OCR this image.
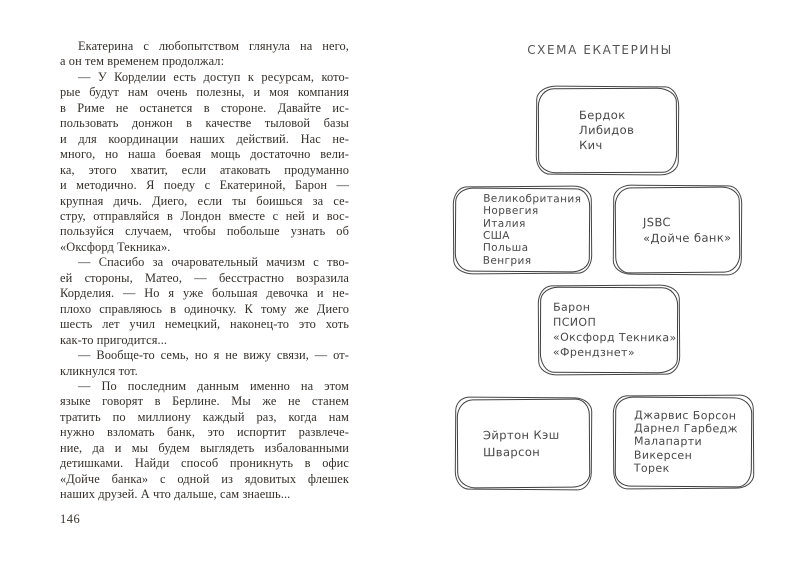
Екатерина с любопытством глянула на него,
а он тем временем продолжал:
— У Корделии есть доступ к ресурсам, кото-
рые будут нам очень полезны, и моя компания
в Риме не останется в стороне. Давайте ис-
пользовать донжон в качестве тыловой базы
и для координации наших действий. Нас не-
много, но наша боевая мощь достаточно вели-
ка, этого хватит, если атаковать продуманно
и методично. Я поеду с Екатериной, Барон —
крупная дичь. Диего, если ты боишься за се-
стру, отправляйся в Лондон вместе с ней и вос-
пользуйся случаем, чтобы побольше узнать об
«Оксфорд Текника».
— Спасибо за очаровательный мачизм с тво-
ей стороны, Матео, — бесстрастно возразила
Корделия. — Но я уже большая девочка и не-
плохо справляюсь в одиночку. К тому же Диего
шесть лет учил немецкий, наконец-то это хоть
как-то пригодится...
— Вообще-то семь, но я не вижу связи, — от-
кликнулся тот.
— По последним данным именно на этом
языке говорят в Берлине. Мы же не станем
тратить по миллиону каждый раз, когда нам
нужно взломать банк, это испортит развлече-
ние, да и мы будем выглядеть избалованными
детишками. Найди способ проникнуть в офис
«Дойче банка» с одной из ядовитых флешек
наших друзей. А что дальше, сам знаешь...
146
СХЕМА ЕКАТЕРИНЫ
Бердок
Либидов
Кич
Великобритания
Норвегия
Италия
США
Польша
Венгрия
JSBC
«Дойче банк»
Барон
ПСИОП
«Оксфорд Текника»
«Френдзнет»
Эйртон Кэш
Шварсон
Джарвис Борсон
Дарнел Гарбедж
Малапарти
Викерсен
Торек
